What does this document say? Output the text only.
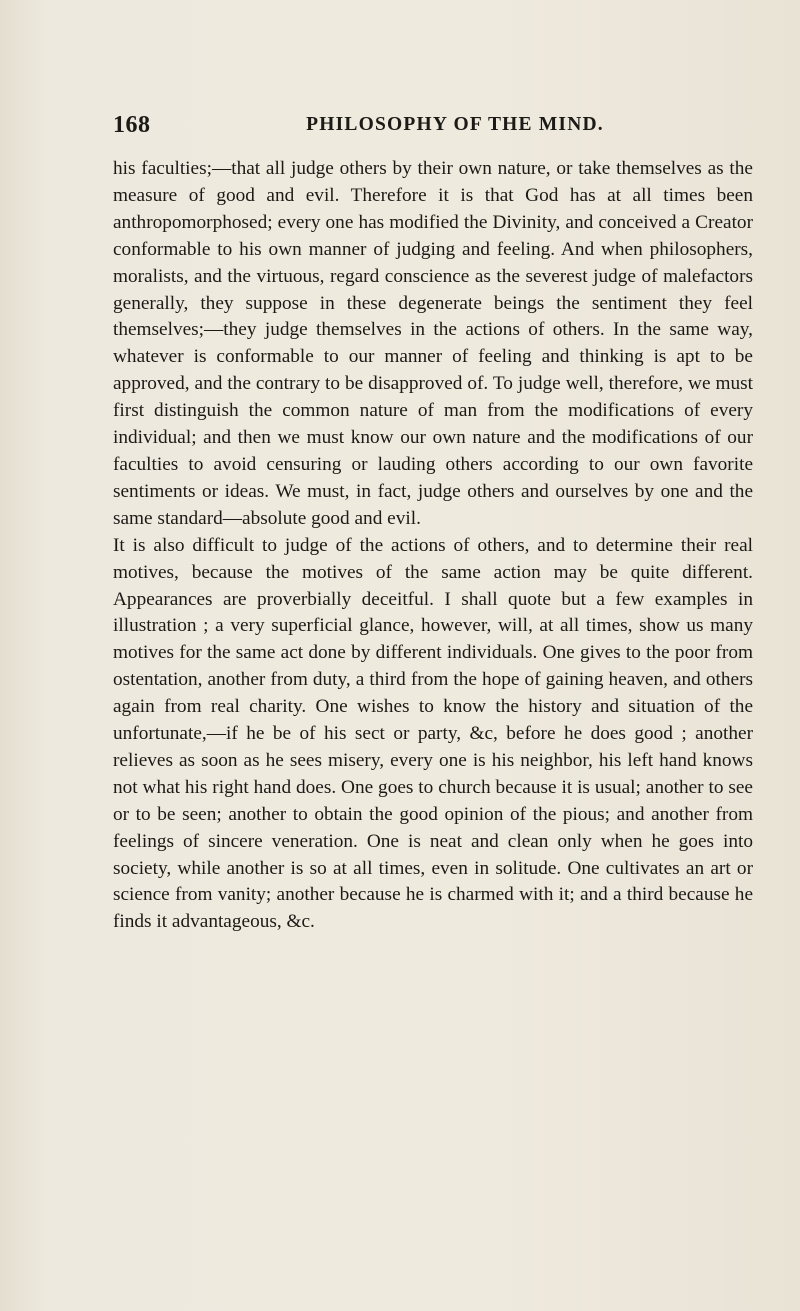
168	PHILOSOPHY OF THE MIND.

his faculties;—that all judge others by their own nature, or take themselves as the measure of good and evil. Therefore it is that God has at all times been anthropomorphosed; every one has modified the Divinity, and conceived a Creator conformable to his own manner of judging and feeling. And when philosophers, moralists, and the virtuous, regard conscience as the severest judge of malefactors generally, they suppose in these degenerate beings the sentiment they feel themselves;—they judge themselves in the actions of others. In the same way, whatever is conformable to our manner of feeling and thinking is apt to be approved, and the contrary to be disapproved of. To judge well, therefore, we must first distinguish the common nature of man from the modifications of every individual; and then we must know our own nature and the modifications of our faculties to avoid censuring or lauding others according to our own favorite sentiments or ideas. We must, in fact, judge others and ourselves by one and the same standard—absolute good and evil.

It is also difficult to judge of the actions of others, and to determine their real motives, because the motives of the same action may be quite different. Appearances are proverbially deceitful. I shall quote but a few examples in illustration ; a very superficial glance, however, will, at all times, show us many motives for the same act done by different individuals. One gives to the poor from ostentation, another from duty, a third from the hope of gaining heaven, and others again from real charity. One wishes to know the history and situation of the unfortunate,—if he be of his sect or party, &c, before he does good ; another relieves as soon as he sees misery, every one is his neighbor, his left hand knows not what his right hand does. One goes to church because it is usual; another to see or to be seen; another to obtain the good opinion of the pious; and another from feelings of sincere veneration. One is neat and clean only when he goes into society, while another is so at all times, even in solitude. One cultivates an art or science from vanity; another because he is charmed with it; and a third because he finds it advantageous, &c.
